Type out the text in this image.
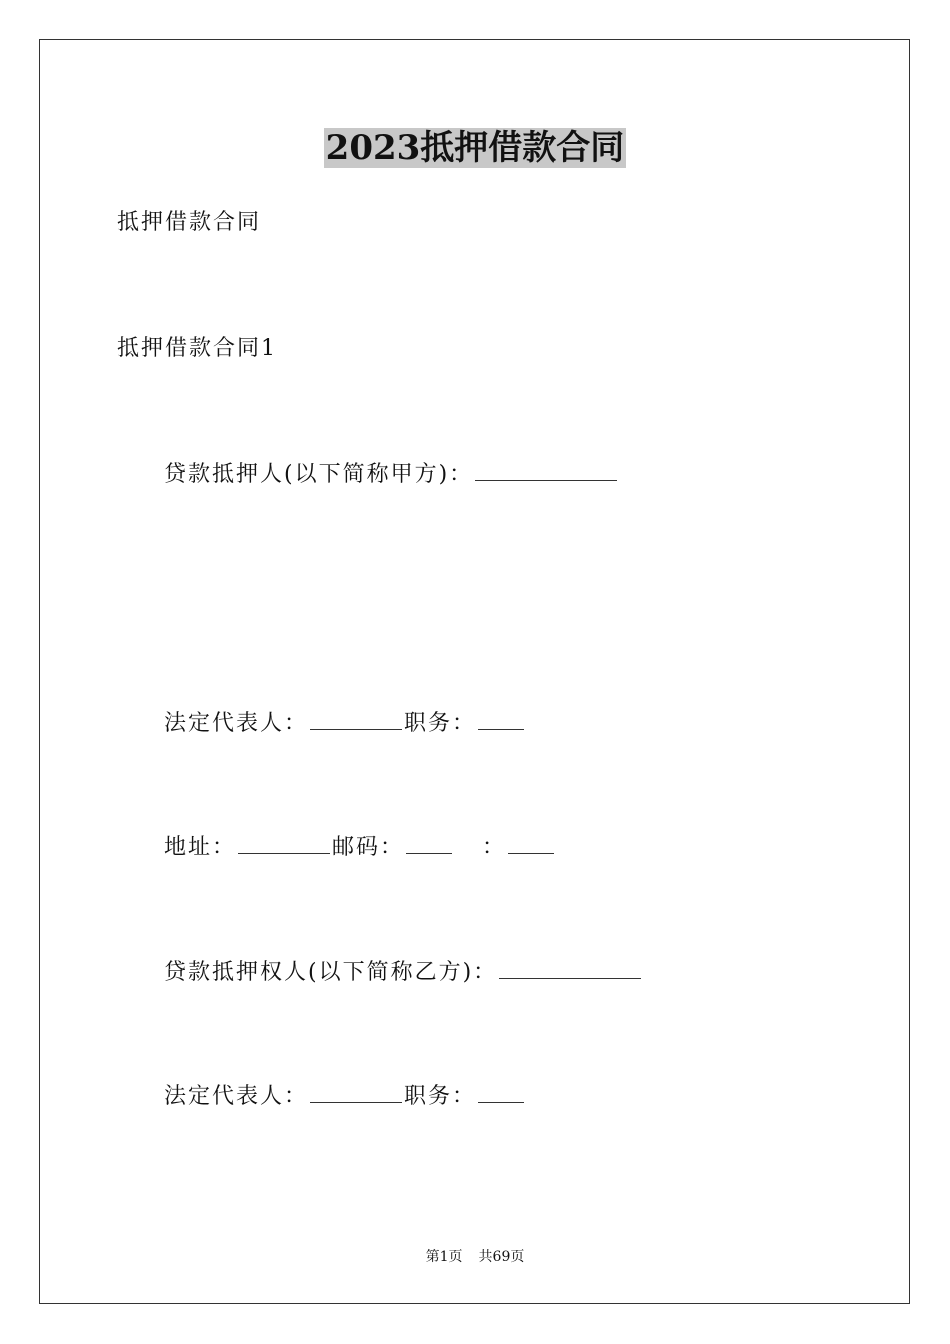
2023抵押借款合同
抵押借款合同
抵押借款合同1
贷款抵押人(以下简称甲方)：
法定代表人：	职务：
地址：	邮码：	：
贷款抵押权人(以下简称乙方)：
法定代表人：	职务：
第1页 共69页
